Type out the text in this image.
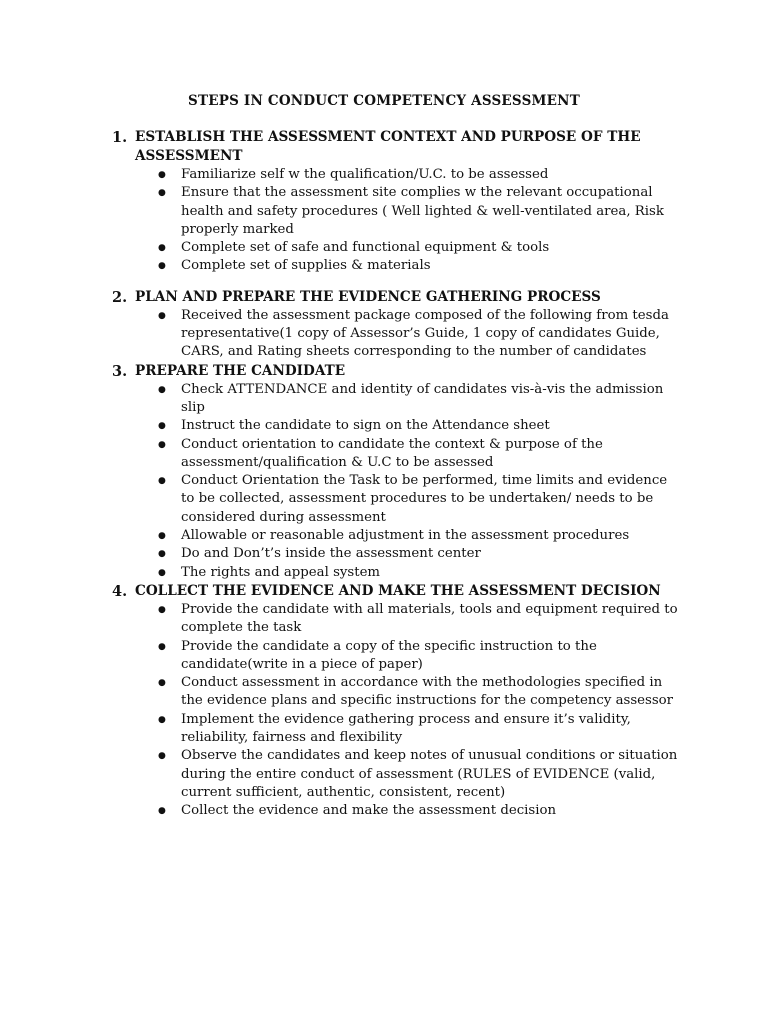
STEPS IN CONDUCT COMPETENCY ASSESSMENT
1. ESTABLISH THE ASSESSMENT CONTEXT AND PURPOSE OF THE ASSESSMENT
●	Familiarize self w the qualification/U.C. to be assessed
●	Ensure that the assessment site complies w the relevant occupational health and safety procedures ( Well lighted & well-ventilated area, Risk properly marked
●	Complete set of safe and functional equipment & tools
●	Complete set of supplies & materials
2. PLAN AND PREPARE THE EVIDENCE GATHERING PROCESS
●	Received the assessment package composed of the following from tesda representative(1 copy of Assessor’s Guide, 1 copy of candidates Guide, CARS, and Rating sheets corresponding to the number of candidates
3. PREPARE THE CANDIDATE
●	Check ATTENDANCE and identity of candidates vis-à-vis the admission slip
●	Instruct the candidate to sign on the Attendance sheet
●	Conduct orientation to candidate the context & purpose of the assessment/qualification & U.C to be assessed
●	Conduct Orientation the Task to be performed, time limits and evidence to be collected, assessment procedures to be undertaken/ needs to be considered during assessment
●	Allowable or reasonable adjustment in the assessment procedures
●	Do and Don’t’s inside the assessment center
●	The rights and appeal system
4. COLLECT THE EVIDENCE AND MAKE THE ASSESSMENT DECISION
●	Provide the candidate with all materials, tools and equipment required to complete the task
●	Provide the candidate a copy of the specific instruction to the candidate(write in a piece of paper)
●	Conduct assessment in accordance with the methodologies specified in the evidence plans and specific instructions for the competency assessor
●	Implement the evidence gathering process and ensure it’s validity, reliability, fairness and flexibility
●	Observe the candidates and keep notes of unusual conditions or situation during the entire conduct of assessment (RULES of EVIDENCE (valid, current sufficient, authentic, consistent, recent)
●	Collect the evidence and make the assessment decision
